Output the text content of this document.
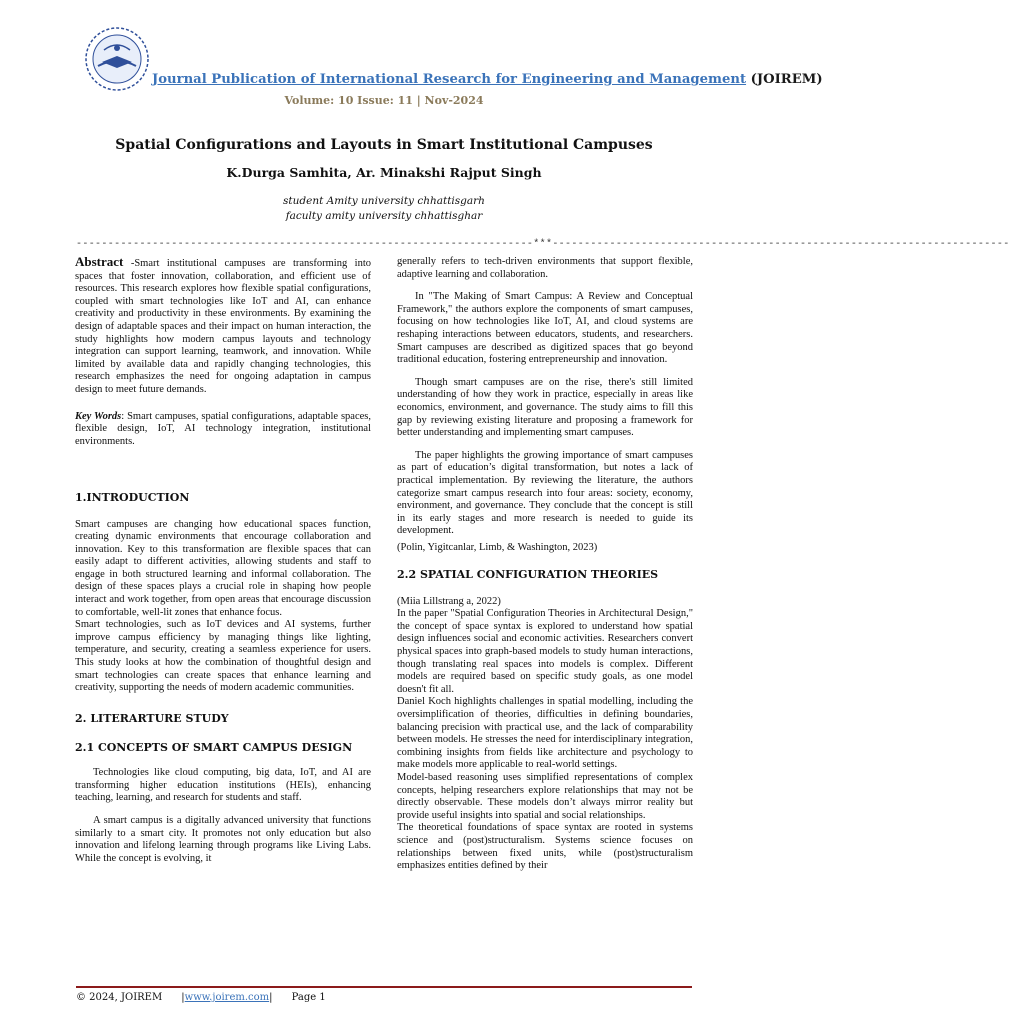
Journal Publication of International Research for Engineering and Management (JOIREM)
Volume: 10 Issue: 11 | Nov-2024
Spatial Configurations and Layouts in Smart Institutional Campuses
K.Durga Samhita, Ar. Minakshi Rajput Singh
student Amity university chhattisgarh
faculty amity university chhattisghar
------------------------------------------------------------------------***------------------------------------------------------------------------

Abstract -Smart institutional campuses are transforming into spaces that foster innovation, collaboration, and efficient use of resources. This research explores how flexible spatial configurations, coupled with smart technologies like IoT and AI, can enhance creativity and productivity in these environments. By examining the design of adaptable spaces and their impact on human interaction, the study highlights how modern campus layouts and technology integration can support learning, teamwork, and innovation. While limited by available data and rapidly changing technologies, this research emphasizes the need for ongoing adaptation in campus design to meet future demands.

Key Words: Smart campuses, spatial configurations, adaptable spaces, flexible design, IoT, AI technology integration, institutional environments.

1.INTRODUCTION

Smart campuses are changing how educational spaces function, creating dynamic environments that encourage collaboration and innovation. Key to this transformation are flexible spaces that can easily adapt to different activities, allowing students and staff to engage in both structured learning and informal collaboration. The design of these spaces plays a crucial role in shaping how people interact and work together, from open areas that encourage discussion to comfortable, well-lit zones that enhance focus.

Smart technologies, such as IoT devices and AI systems, further improve campus efficiency by managing things like lighting, temperature, and security, creating a seamless experience for users. This study looks at how the combination of thoughtful design and smart technologies can create spaces that enhance learning and creativity, supporting the needs of modern academic communities.

2. LITERARTURE STUDY

2.1 CONCEPTS OF SMART CAMPUS DESIGN

Technologies like cloud computing, big data, IoT, and AI are transforming higher education institutions (HEIs), enhancing teaching, learning, and research for students and staff.

A smart campus is a digitally advanced university that functions similarly to a smart city. It promotes not only education but also innovation and lifelong learning through programs like Living Labs. While the concept is evolving, it

generally refers to tech-driven environments that support flexible, adaptive learning and collaboration.

In "The Making of Smart Campus: A Review and Conceptual Framework," the authors explore the components of smart campuses, focusing on how technologies like IoT, AI, and cloud systems are reshaping interactions between educators, students, and researchers. Smart campuses are described as digitized spaces that go beyond traditional education, fostering entrepreneurship and innovation.

Though smart campuses are on the rise, there's still limited understanding of how they work in practice, especially in areas like economics, environment, and governance. The study aims to fill this gap by reviewing existing literature and proposing a framework for better understanding and implementing smart campuses.

The paper highlights the growing importance of smart campuses as part of education’s digital transformation, but notes a lack of practical implementation. By reviewing the literature, the authors categorize smart campus research into four areas: society, economy, environment, and governance. They conclude that the concept is still in its early stages and more research is needed to guide its development.

(Polin, Yigitcanlar, Limb, & Washington, 2023)

2.2 SPATIAL CONFIGURATION THEORIES

(Miia Lillstrang a, 2022)

In the paper "Spatial Configuration Theories in Architectural Design," the concept of space syntax is explored to understand how spatial design influences social and economic activities. Researchers convert physical spaces into graph-based models to study human interactions, though translating real spaces into models is complex. Different models are required based on specific study goals, as one model doesn't fit all.

Daniel Koch highlights challenges in spatial modelling, including the oversimplification of theories, difficulties in defining boundaries, balancing precision with practical use, and the lack of comparability between models. He stresses the need for interdisciplinary integration, combining insights from fields like architecture and psychology to make models more applicable to real-world settings.

Model-based reasoning uses simplified representations of complex concepts, helping researchers explore relationships that may not be directly observable. These models don’t always mirror reality but provide useful insights into spatial and social relationships.

The theoretical foundations of space syntax are rooted in systems science and (post)structuralism. Systems science focuses on relationships between fixed units, while (post)structuralism emphasizes entities defined by their

© 2024, JOIREM |www.joirem.com| Page 1
